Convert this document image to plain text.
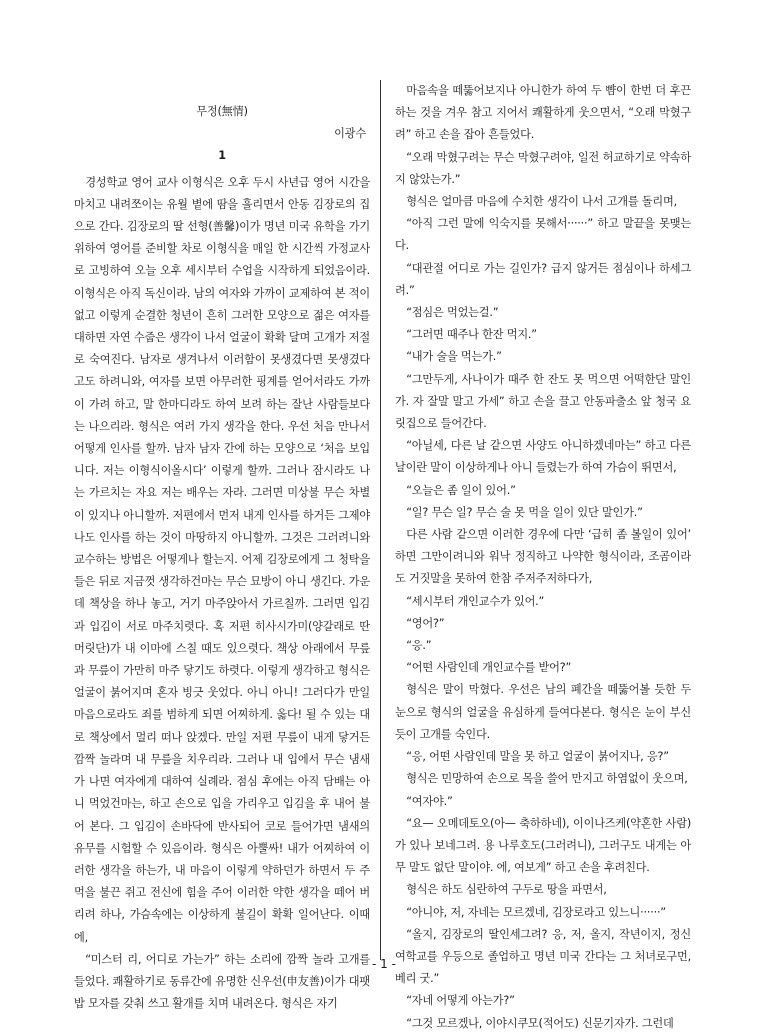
무정(無情)
이광수
1
경성학교 영어 교사 이형식은 오후 두시 사년급 영어 시간을 마치고 내려쪼이는 유월 볕에 땀을 흘리면서 안동 김장로의 집으로 간다. 김장로의 딸 선형(善馨)이가 명년 미국 유학을 가기 위하여 영어를 준비할 차로 이형식을 매일 한 시간씩 가정교사로 고빙하여 오늘 오후 세시부터 수업을 시작하게 되었음이라. 이형식은 아직 독신이라. 남의 여자와 가까이 교제하여 본 적이 없고 이렇게 순결한 청년이 흔히 그러한 모양으로 젊은 여자를 대하면 자연 수줍은 생각이 나서 얼굴이 확확 달며 고개가 저절로 숙여진다. 남자로 생겨나서 이러함이 못생겼다면 못생겼다고도 하려니와, 여자를 보면 아무러한 핑계를 얻어서라도 가까이 가려 하고, 말 한마디라도 하여 보려 하는 잘난 사람들보다는 나으리라. 형식은 여러 가지 생각을 한다. 우선 처음 만나서 어떻게 인사를 할까. 남자 남자 간에 하는 모양으로 ‘처음 보입니다. 저는 이형식이올시다’ 이렇게 할까. 그러나 잠시라도 나는 가르치는 자요 저는 배우는 자라. 그러면 미상불 무슨 차별이 있지나 아니할까. 저편에서 먼저 내게 인사를 하거든 그제야 나도 인사를 하는 것이 마땅하지 아니할까. 그것은 그러려니와 교수하는 방법은 어떻게나 할는지. 어제 김장로에게 그 청탁을 들은 뒤로 지금껏 생각하건마는 무슨 묘방이 아니 생긴다. 가운데 책상을 하나 놓고, 거기 마주앉아서 가르칠까. 그러면 입김과 입김이 서로 마주치렷다. 혹 저편 히사시가미(양갈래로 딴 머릿단)가 내 이마에 스칠 때도 있으렷다. 책상 아래에서 무릎과 무릎이 가만히 마주 닿기도 하렷다. 이렇게 생각하고 형식은 얼굴이 붉어지며 혼자 빙긋 웃었다. 아니 아니! 그러다가 만일 마음으로라도 죄를 범하게 되면 어찌하게. 옳다! 될 수 있는 대로 책상에서 멀리 떠나 앉겠다. 만일 저편 무릎이 내게 닿거든 깜짝 놀라며 내 무릎을 치우리라. 그러나 내 입에서 무슨 냄새가 나면 여자에게 대하여 실례라. 점심 후에는 아직 담배는 아니 먹었건마는, 하고 손으로 입을 가리우고 입김을 후 내어 불어 본다. 그 입김이 손바닥에 반사되어 코로 들어가면 냄새의 유무를 시험할 수 있음이라. 형식은 아뿔싸! 내가 어찌하여 이러한 생각을 하는가, 내 마음이 이렇게 약하던가 하면서 두 주먹을 불끈 쥐고 전신에 힘을 주어 이러한 약한 생각을 떼어 버리려 하나, 가슴속에는 이상하게 불길이 확확 일어난다. 이때에,
“미스터 리, 어디로 가는가” 하는 소리에 깜짝 놀라 고개를 들었다. 쾌활하기로 동류간에 유명한 신우선(申友善)이가 대팻밥 모자를 갖춰 쓰고 활개를 치며 내려온다. 형식은 자기
마음속을 떼뚫어보지나 아니한가 하여 두 뺨이 한번 더 후끈하는 것을 겨우 참고 지어서 쾌활하게 웃으면서, “오래 막혔구려” 하고 손을 잡아 흔들었다.
“오래 막혔구려는 무슨 막혔구려야, 일전 허교하기로 약속하지 않았는가.”
형식은 얼마큼 마음에 수치한 생각이 나서 고개를 돌리며,
“아직 그런 말에 익숙지를 못해서······” 하고 말끝을 못맺는다.
“대관절 어디로 가는 길인가? 급지 않거든 점심이나 하세그려.”
“점심은 먹었는걸.”
“그러면 때주나 한잔 먹지.”
“내가 술을 먹는가.”
“그만두게, 사나이가 때주 한 잔도 못 먹으면 어떡한단 말인가. 자 잘말 말고 가세” 하고 손을 끌고 안동파출소 앞 청국 요릿집으로 들어간다.
“아닐세, 다른 날 같으면 사양도 아니하겠네마는” 하고 다른 날이란 말이 이상하게나 아니 들렸는가 하여 가슴이 뛰면서,
“오늘은 좀 일이 있어.”
“일? 무슨 일? 무슨 술 못 먹을 일이 있단 말인가.”
다른 사람 같으면 이러한 경우에 다만 ‘급히 좀 볼일이 있어’ 하면 그만이려니와 워낙 정직하고 나약한 형식이라, 조곰이라도 거짓말을 못하여 한참 주저주저하다가,
“세시부터 개인교수가 있어.”
“영어?”
“응.”
“어떤 사람인데 개인교수를 받어?”
형식은 말이 막혔다. 우선은 남의 폐간을 떼뚫어볼 듯한 두 눈으로 형식의 얼굴을 유심하게 들여다본다. 형식은 눈이 부신 듯이 고개를 숙인다.
“응, 어떤 사람인데 말을 못 하고 얼굴이 붉어지나, 응?”
형식은 민망하여 손으로 목을 쓸어 만지고 하염없이 웃으며,
“여자야.”
“요— 오메데토오(아— 축하하네), 이이나즈케(약혼한 사람)가 있나 보네그려. 용 나루호도(그러려니), 그러구도 내게는 아무 말도 없단 말이야. 에, 여보게” 하고 손을 후려친다.
형식은 하도 심란하여 구두로 땅을 파면서,
“아니야, 저, 자네는 모르겠네, 김장로라고 있느니······”
“올지, 김장로의 딸인세그려? 응, 저, 올지, 작년이지, 정신여학교를 우등으로 졸업하고 명년 미국 간다는 그 처녀로구먼, 베리 굿.”
“자네 어떻게 아는가?”
“그것 모르겠나, 이야시쿠모(적어도) 신문기자가. 그런데
- 1 -
